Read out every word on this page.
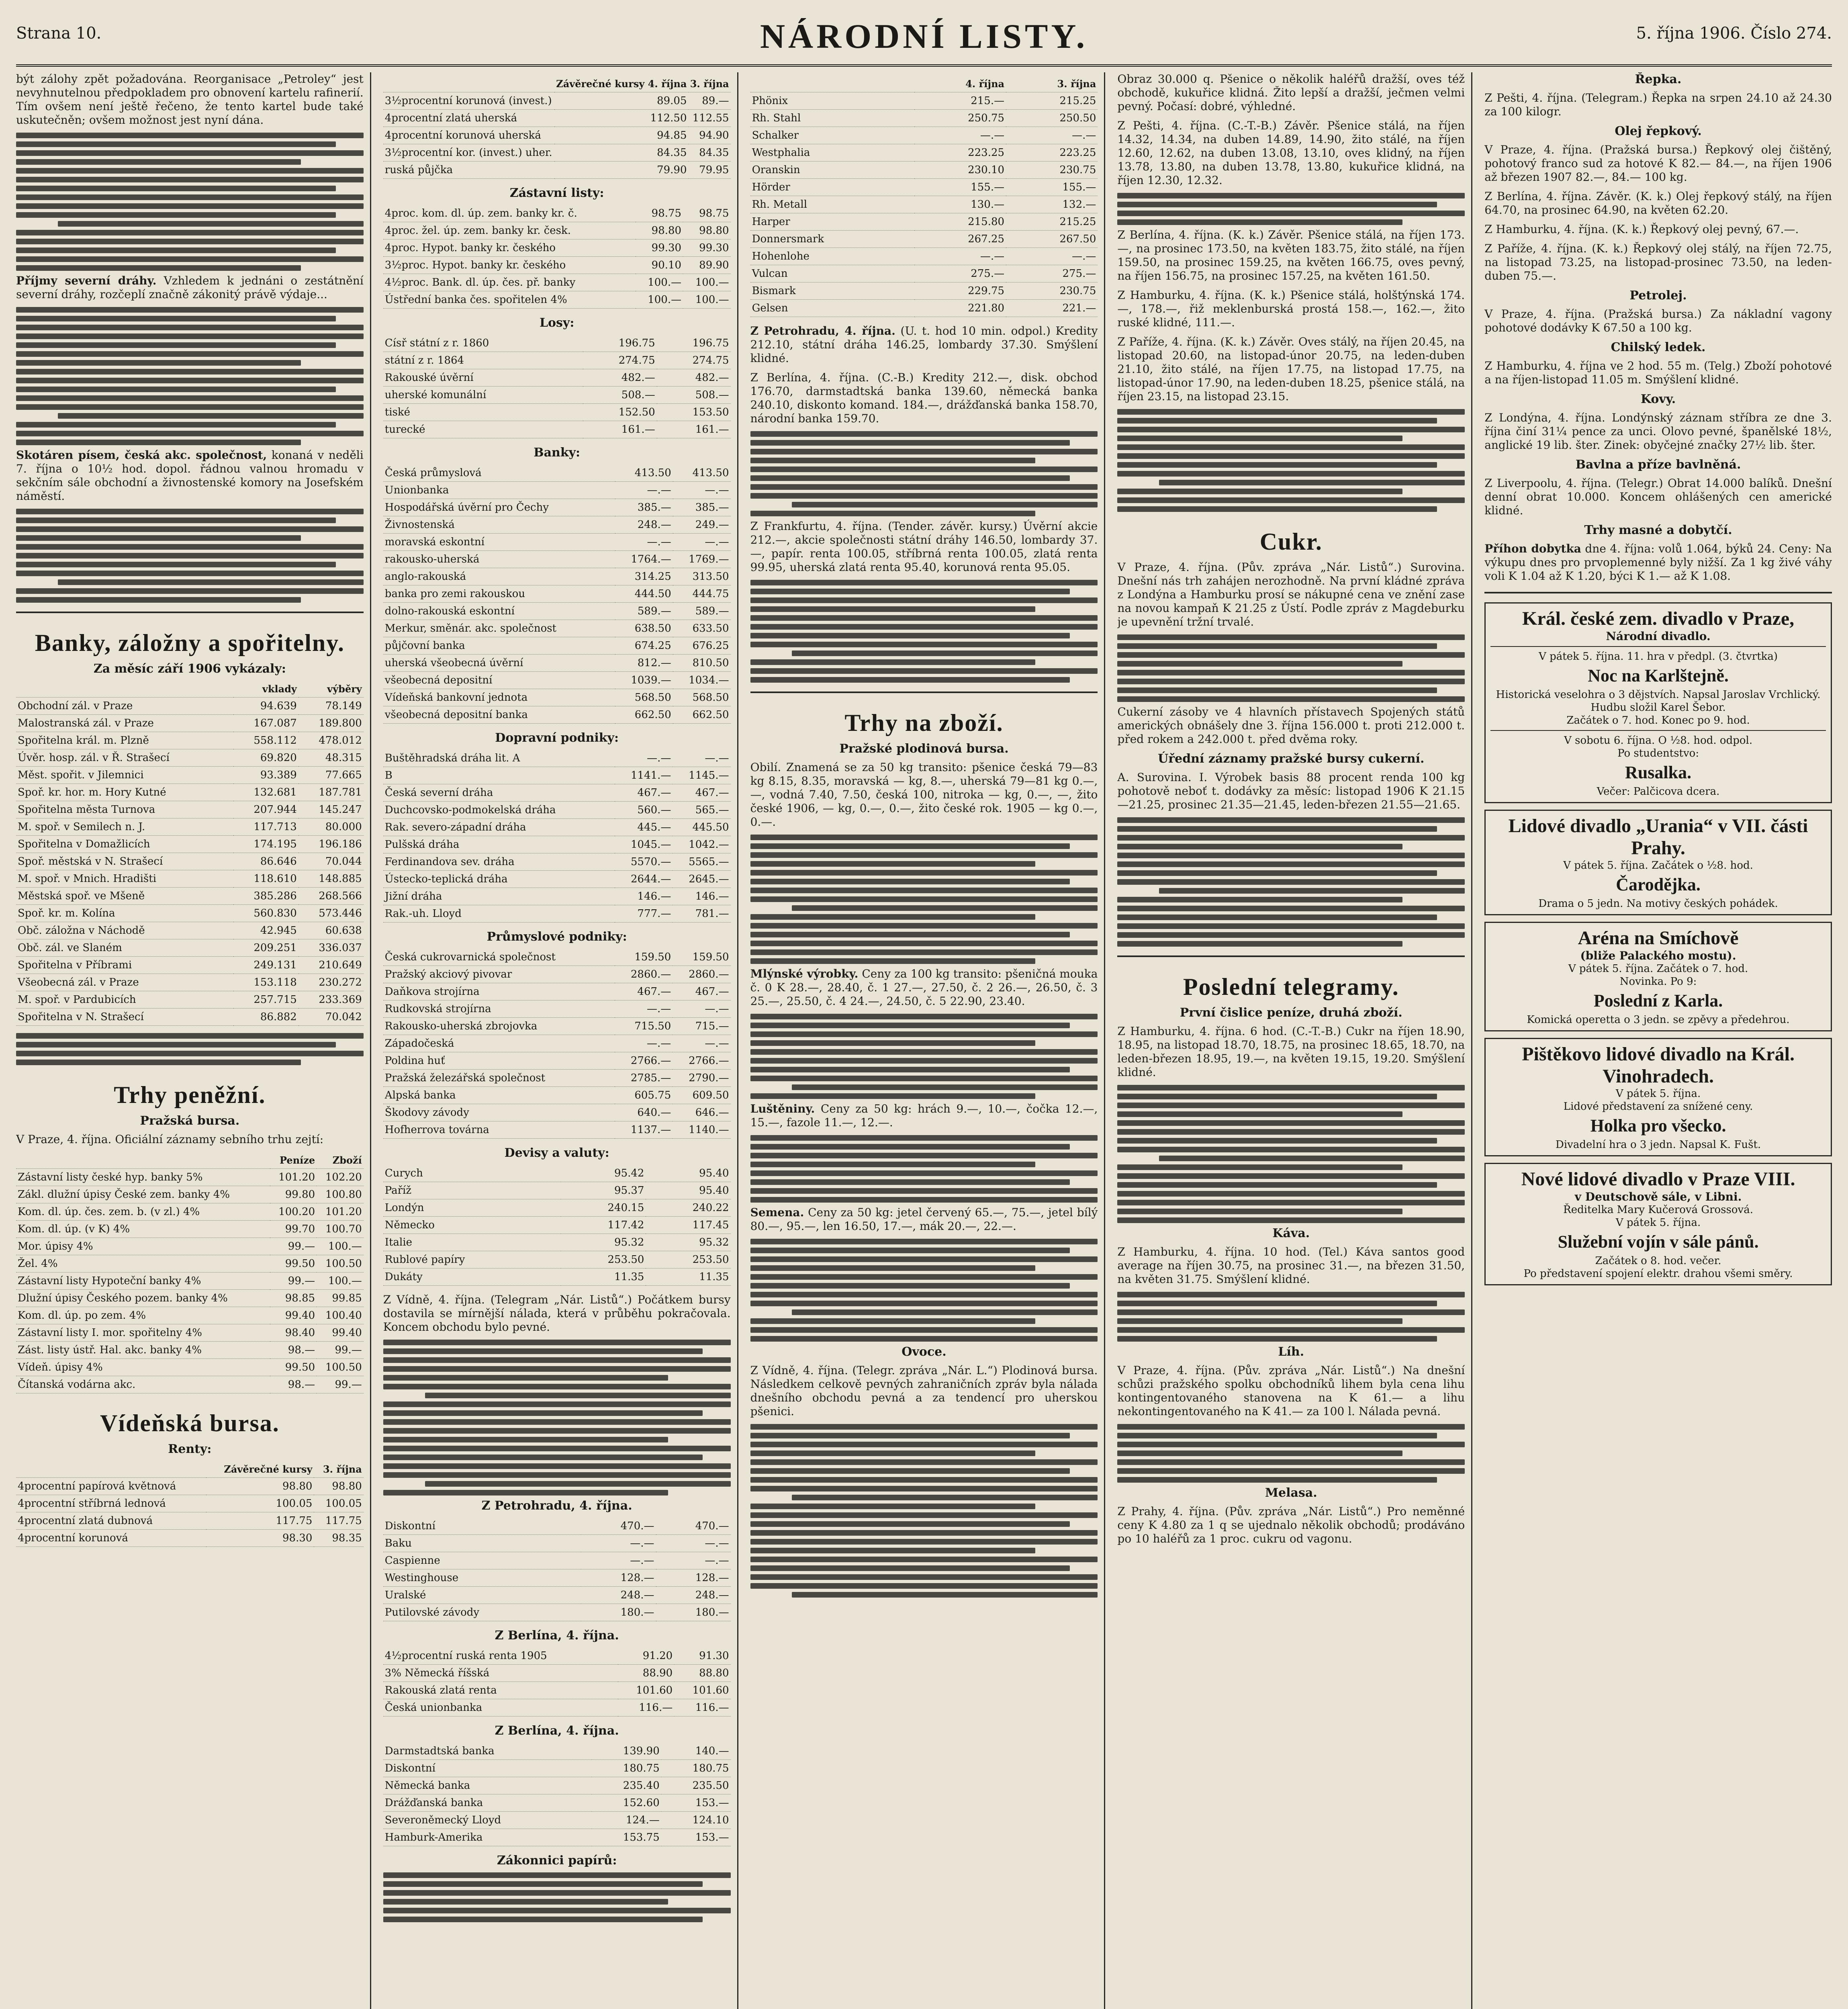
Strana 10.	NÁRODNÍ LISTY.	5. října 1906. Číslo 274.

být zálohy zpět požadována. Reorganisace „Petroley“ jest nevyhnutelnou předpokladem pro obnovení kartelu rafinerií. Tím ovšem není ještě řečeno, že tento kartel bude také uskutečněn; ovšem možnost jest nyní dána.

Příjmy severní dráhy. Vzhledem k jednáni o zestátnění severní dráhy, rozčeplí značně zákonitý právě výdaje...

Skotáren písem, česká akc. společnost, konaná v neděli 7. října o 10½ hod. dopol. řádnou valnou hromadu v sekčním sále obchodní a živnostenské komory na Josefském náměstí.

Banky, záložny a spořitelny.
Za měsíc září 1906 vykázaly:
	vklady	výběry
Obchodní zál. v Praze	94.639	78.149
Malostranská zál. v Praze	167.087	189.800
Spořitelna král. m. Plzně	558.112	478.012
Úvěr. hosp. zál. v Ř. Strašecí	69.820	48.315
Měst. spořit. v Jilemnici	93.389	77.665
Spoř. kr. hor. m. Hory Kutné	132.681	187.781
Spořitelna města Turnova	207.944	145.247
M. spoř. v Semilech n. J.	117.713	80.000
Spořitelna v Domažlicích	174.195	196.186
Spoř. městská v N. Strašecí	86.646	70.044
M. spoř. v Mnich. Hradišti	118.610	148.885
Městská spoř. ve Mšeně	385.286	268.566
Spoř. kr. m. Kolína	560.830	573.446
Obč. záložna v Náchodě	42.945	60.638
Obč. zál. ve Slaném	209.251	336.037
Spořitelna v Příbrami	249.131	210.649
Všeobecná zál. v Praze	153.118	230.272
M. spoř. v Pardubicích	257.715	233.369
Spořitelna v N. Strašecí	86.882	70.042
Trhy peněžní.
Pražská bursa.

V Praze, 4. října. Oficiální záznamy sebního trhu zejtí:

	Peníze	Zboží
Zástavní listy české hyp. banky 5%	101.20	102.20
Zákl. dlužní úpisy České zem. banky 4%	99.80	100.80
Kom. dl. úp. čes. zem. b. (v zl.) 4%	100.20	101.20
Kom. dl. úp. (v K) 4%	99.70	100.70
Mor. úpisy 4%	99.—	100.—
Žel. 4%	99.50	100.50
Zástavní listy Hypoteční banky 4%	99.—	100.—
Dlužní úpisy Českého pozem. banky 4%	98.85	99.85
Kom. dl. úp. po zem. 4%	99.40	100.40
Zástavní listy I. mor. spořitelny 4%	98.40	99.40
Zást. listy ústř. Hal. akc. banky 4%	98.—	99.—
Vídeň. úpisy 4%	99.50	100.50
Čítanská vodárna akc.	98.—	99.—
Vídeňská bursa.
Renty:
	Závěrečné kursy	3. října
4procentní papírová květnová	98.80	98.80
4procentní stříbrná lednová	100.05	100.05
4procentní zlatá dubnová	117.75	117.75
4procentní korunová	98.30	98.35
	Závěrečné kursy 4. října	3. října
3½procentní korunová (invest.)	89.05	89.—
4procentní zlatá uherská	112.50	112.55
4procentní korunová uherská	94.85	94.90
3½procentní kor. (invest.) uher.	84.35	84.35
ruská půjčka	79.90	79.95
Zástavní listy:
4proc. kom. dl. úp. zem. banky kr. č.	98.75	98.75
4proc. žel. úp. zem. banky kr. česk.	98.80	98.80
4proc. Hypot. banky kr. českého	99.30	99.30
3½proc. Hypot. banky kr. českého	90.10	89.90
4½proc. Bank. dl. úp. čes. př. banky	100.—	100.—
Ústřední banka čes. spořitelen 4%	100.—	100.—
Losy:
Císř státní z r. 1860	196.75	196.75
státní z r. 1864	274.75	274.75
Rakouské úvěrní	482.—	482.—
uherské komunální	508.—	508.—
tiské	152.50	153.50
turecké	161.—	161.—
Banky:
Česká průmyslová	413.50	413.50
Unionbanka	—.—	—.—
Hospodářská úvěrní pro Čechy	385.—	385.—
Živnostenská	248.—	249.—
moravská eskontní	—.—	—.—
rakousko-uherská	1764.—	1769.—
anglo-rakouská	314.25	313.50
banka pro zemi rakouskou	444.50	444.75
dolno-rakouská eskontní	589.—	589.—
Merkur, směnár. akc. společnost	638.50	633.50
půjčovní banka	674.25	676.25
uherská všeobecná úvěrní	812.—	810.50
všeobecná depositní	1039.—	1034.—
Vídeňská bankovní jednota	568.50	568.50
všeobecná depositní banka	662.50	662.50
Dopravní podniky:
Buštěhradská dráha lit. A	—.—	—.—
B	1141.—	1145.—
Česká severní dráha	467.—	467.—
Duchcovsko-podmokelská dráha	560.—	565.—
Rak. severo-západní dráha	445.—	445.50
Pulšská dráha	1045.—	1042.—
Ferdinandova sev. dráha	5570.—	5565.—
Ústecko-teplická dráha	2644.—	2645.—
Jižní dráha	146.—	146.—
Rak.-uh. Lloyd	777.—	781.—
Průmyslové podniky:
Česká cukrovarnická společnost	159.50	159.50
Pražský akciový pivovar	2860.—	2860.—
Daňkova strojírna	467.—	467.—
Rudkovská strojírna	—.—	—.—
Rakousko-uherská zbrojovka	715.50	715.—
Západočeská	—.—	—.—
Poldina huť	2766.—	2766.—
Pražská železářská společnost	2785.—	2790.—
Alpská banka	605.75	609.50
Škodovy závody	640.—	646.—
Hofherrova továrna	1137.—	1140.—
Devisy a valuty:
Curych	95.42	95.40
Paříž	95.37	95.40
Londýn	240.15	240.22
Německo	117.42	117.45
Italie	95.32	95.32
Rublové papíry	253.50	253.50
Dukáty	11.35	11.35

Z Vídně, 4. října. (Telegram „Nár. Listů“.) Počátkem bursy dostavila se mírnější nálada, která v průběhu pokračovala. Koncem obchodu bylo pevné.

Z Petrohradu, 4. října.
Diskontní	470.—	470.—
Baku	—.—	—.—
Caspienne	—.—	—.—
Westinghouse	128.—	128.—
Uralské	248.—	248.—
Putilovské závody	180.—	180.—
Z Berlína, 4. října.
4½procentní ruská renta 1905	91.20	91.30
3% Německá říšská	88.90	88.80
Rakouská zlatá renta	101.60	101.60
Česká unionbanka	116.—	116.—
Z Berlína, 4. října.
Darmstadtská banka	139.90	140.—
Diskontní	180.75	180.75
Německá banka	235.40	235.50
Drážďanská banka	152.60	153.—
Severoněmecký Lloyd	124.—	124.10
Hamburk-Amerika	153.75	153.—
Zákonnici papírů:
	4. října	3. října
Phönix	215.—	215.25
Rh. Stahl	250.75	250.50
Schalker	—.—	—.—
Westphalia	223.25	223.25
Oranskin	230.10	230.75
Hörder	155.—	155.—
Rh. Metall	130.—	132.—
Harper	215.80	215.25
Donnersmark	267.25	267.50
Hohenlohe	—.—	—.—
Vulcan	275.—	275.—
Bismark	229.75	230.75
Gelsen	221.80	221.—

Z Petrohradu, 4. října. (U. t. hod 10 min. odpol.) Kredity 212.10, státní dráha 146.25, lombardy 37.30. Smýšlení klidné.

Z Berlína, 4. října. (C.-B.) Kredity 212.—, disk. obchod 176.70, darmstadtská banka 139.60, německá banka 240.10, diskonto komand. 184.—, drážďanská banka 158.70, národní banka 159.70.

Z Frankfurtu, 4. října. (Tender. závěr. kursy.) Úvěrní akcie 212.—, akcie společnosti státní dráhy 146.50, lombardy 37.—, papír. renta 100.05, stříbrná renta 100.05, zlatá renta 99.95, uherská zlatá renta 95.40, korunová renta 95.05.

Trhy na zboží.
Pražské plodinová bursa.

Obilí. Znamená se za 50 kg transito: pšenice česká 79—83 kg 8.15, 8.35, moravská — kg, 8.—, uherská 79—81 kg 0.—, —, vodná 7.40, 7.50, česká 100, nitroka — kg, 0.—, —, žito české 1906, — kg, 0.—, 0.—, žito české rok. 1905 — kg 0.—, 0.—.

Mlýnské výrobky. Ceny za 100 kg transito: pšeničná mouka č. 0 K 28.—, 28.40, č. 1 27.—, 27.50, č. 2 26.—, 26.50, č. 3 25.—, 25.50, č. 4 24.—, 24.50, č. 5 22.90, 23.40.

Luštěniny. Ceny za 50 kg: hrách 9.—, 10.—, čočka 12.—, 15.—, fazole 11.—, 12.—.

Semena. Ceny za 50 kg: jetel červený 65.—, 75.—, jetel bílý 80.—, 95.—, len 16.50, 17.—, mák 20.—, 22.—.

Ovoce.

Z Vídně, 4. října. (Telegr. zpráva „Nár. L.“) Plodinová bursa. Následkem celkově pevných zahraničních zpráv byla nálada dnešního obchodu pevná a za tendencí pro uherskou pšenici.

Obraz 30.000 q. Pšenice o několik haléřů dražší, oves též obchodě, kukuřice klidná. Žito lepší a dražší, ječmen velmi pevný. Počasí: dobré, výhledné.

Z Pešti, 4. října. (C.-T.-B.) Závěr. Pšenice stálá, na říjen 14.32, 14.34, na duben 14.89, 14.90, žito stálé, na říjen 12.60, 12.62, na duben 13.08, 13.10, oves klidný, na říjen 13.78, 13.80, na duben 13.78, 13.80, kukuřice klidná, na říjen 12.30, 12.32.

Z Berlína, 4. října. (K. k.) Závěr. Pšenice stálá, na říjen 173.—, na prosinec 173.50, na květen 183.75, žito stálé, na říjen 159.50, na prosinec 159.25, na květen 166.75, oves pevný, na říjen 156.75, na prosinec 157.25, na květen 161.50.

Z Hamburku, 4. října. (K. k.) Pšenice stálá, holštýnská 174.—, 178.—, řiž meklenburská prostá 158.—, 162.—, žito ruské klidné, 111.—.

Z Paříže, 4. října. (K. k.) Závěr. Oves stálý, na říjen 20.45, na listopad 20.60, na listopad-únor 20.75, na leden-duben 21.10, žito stálé, na říjen 17.75, na listopad 17.75, na listopad-únor 17.90, na leden-duben 18.25, pšenice stálá, na říjen 23.15, na listopad 23.15.

Cukr.

V Praze, 4. října. (Pův. zpráva „Nár. Listů“.) Surovina. Dnešní nás trh zahájen nerozhodně. Na první kládné zpráva z Londýna a Hamburku prosí se nákupné cena ve znění zase na novou kampaň K 21.25 z Ústí. Podle zpráv z Magdeburku je upevnění tržní trvalé.

Cukerní zásoby ve 4 hlavních přístavech Spojených států amerických obnášely dne 3. října 156.000 t. proti 212.000 t. před rokem a 242.000 t. před dvěma roky.

Úřední záznamy pražské bursy cukerní.

A. Surovina. I. Výrobek basis 88 procent renda 100 kg pohotově neboť t. dodávky za měsíc: listopad 1906 K 21.15—21.25, prosinec 21.35—21.45, leden-březen 21.55—21.65.

Poslední telegramy.
První čislice peníze, druhá zboží.

Z Hamburku, 4. října. 6 hod. (C.-T.-B.) Cukr na říjen 18.90, 18.95, na listopad 18.70, 18.75, na prosinec 18.65, 18.70, na leden-březen 18.95, 19.—, na květen 19.15, 19.20. Smýšlení klidné.

Káva.

Z Hamburku, 4. října. 10 hod. (Tel.) Káva santos good average na říjen 30.75, na prosinec 31.—, na březen 31.50, na květen 31.75. Smýšlení klidné.

Líh.

V Praze, 4. října. (Pův. zpráva „Nár. Listů“.) Na dnešní schůzi pražského spolku obchodníků lihem byla cena lihu kontingentovaného stanovena na K 61.— a lihu nekontingentovaného na K 41.— za 100 l. Nálada pevná.

Melasa.

Z Prahy, 4. října. (Pův. zpráva „Nár. Listů“.) Pro neměnné ceny K 4.80 za 1 q se ujednalo několik obchodů; prodáváno po 10 haléřů za 1 proc. cukru od vagonu.

Řepka.

Z Pešti, 4. října. (Telegram.) Řepka na srpen 24.10 až 24.30 za 100 kilogr.

Olej řepkový.

V Praze, 4. října. (Pražská bursa.) Řepkový olej čištěný, pohotový franco sud za hotové K 82.— 84.—, na říjen 1906 až březen 1907 82.—, 84.— 100 kg.

Z Berlína, 4. října. Závěr. (K. k.) Olej řepkový stálý, na říjen 64.70, na prosinec 64.90, na květen 62.20.

Z Hamburku, 4. října. (K. k.) Řepkový olej pevný, 67.—.

Z Paříže, 4. října. (K. k.) Řepkový olej stálý, na říjen 72.75, na listopad 73.25, na listopad-prosinec 73.50, na leden-duben 75.—.

Petrolej.

V Praze, 4. října. (Pražská bursa.) Za nákladní vagony pohotové dodávky K 67.50 a 100 kg.

Chilský ledek.

Z Hamburku, 4. října ve 2 hod. 55 m. (Telg.) Zboží pohotové a na říjen-listopad 11.05 m. Smýšlení klidné.

Kovy.

Z Londýna, 4. října. Londýnský záznam stříbra ze dne 3. října činí 31¼ pence za unci. Olovo pevné, španělské 18½, anglické 19 lib. šter. Zinek: obyčejné značky 27½ lib. šter.

Bavlna a příze bavlněná.

Z Liverpoolu, 4. října. (Telegr.) Obrat 14.000 balíků. Dnešní denní obrat 10.000. Koncem ohlášených cen americké klidné.

Trhy masné a dobytčí.

Příhon dobytka dne 4. října: volů 1.064, býků 24. Ceny: Na výkupu dnes pro prvoplemenné byly nižší. Za 1 kg živé váhy voli K 1.04 až K 1.20, býci K 1.— až K 1.08.

Král. české zem. divadlo v Praze,
Národní divadlo.
V pátek 5. října. 11. hra v předpl. (3. čtvrtka)
Noc na Karlštejně.
Historická veselohra o 3 dějstvích. Napsal Jaroslav Vrchlický. Hudbu složil Karel Šebor.
Začátek o 7. hod. Konec po 9. hod.
V sobotu 6. října. O ½8. hod. odpol.
Po studentstvo:
Rusalka.
Večer: Palčicova dcera.
Lidové divadlo „Urania“ v VII. části Prahy.
V pátek 5. října. Začátek o ½8. hod.
Čarodějka.
Drama o 5 jedn. Na motivy českých pohádek.
Aréna na Smíchově
(bliže Palackého mostu).
V pátek 5. října. Začátek o 7. hod.
Novinka. Po 9:
Poslední z Karla.
Komická operetta o 3 jedn. se zpěvy a předehrou.
Pištěkovo lidové divadlo na Král. Vinohradech.
V pátek 5. října.
Lidové představení za snížené ceny.
Holka pro všecko.
Divadelní hra o 3 jedn. Napsal K. Fušt.
Nové lidové divadlo v Praze VIII.
v Deutschově sále, v Libni.
Ředitelka Mary Kučerová Grossová.
V pátek 5. října.
Služební vojín v sále pánů.
Začátek o 8. hod. večer.
Po představení spojení elektr. drahou všemi směry.
